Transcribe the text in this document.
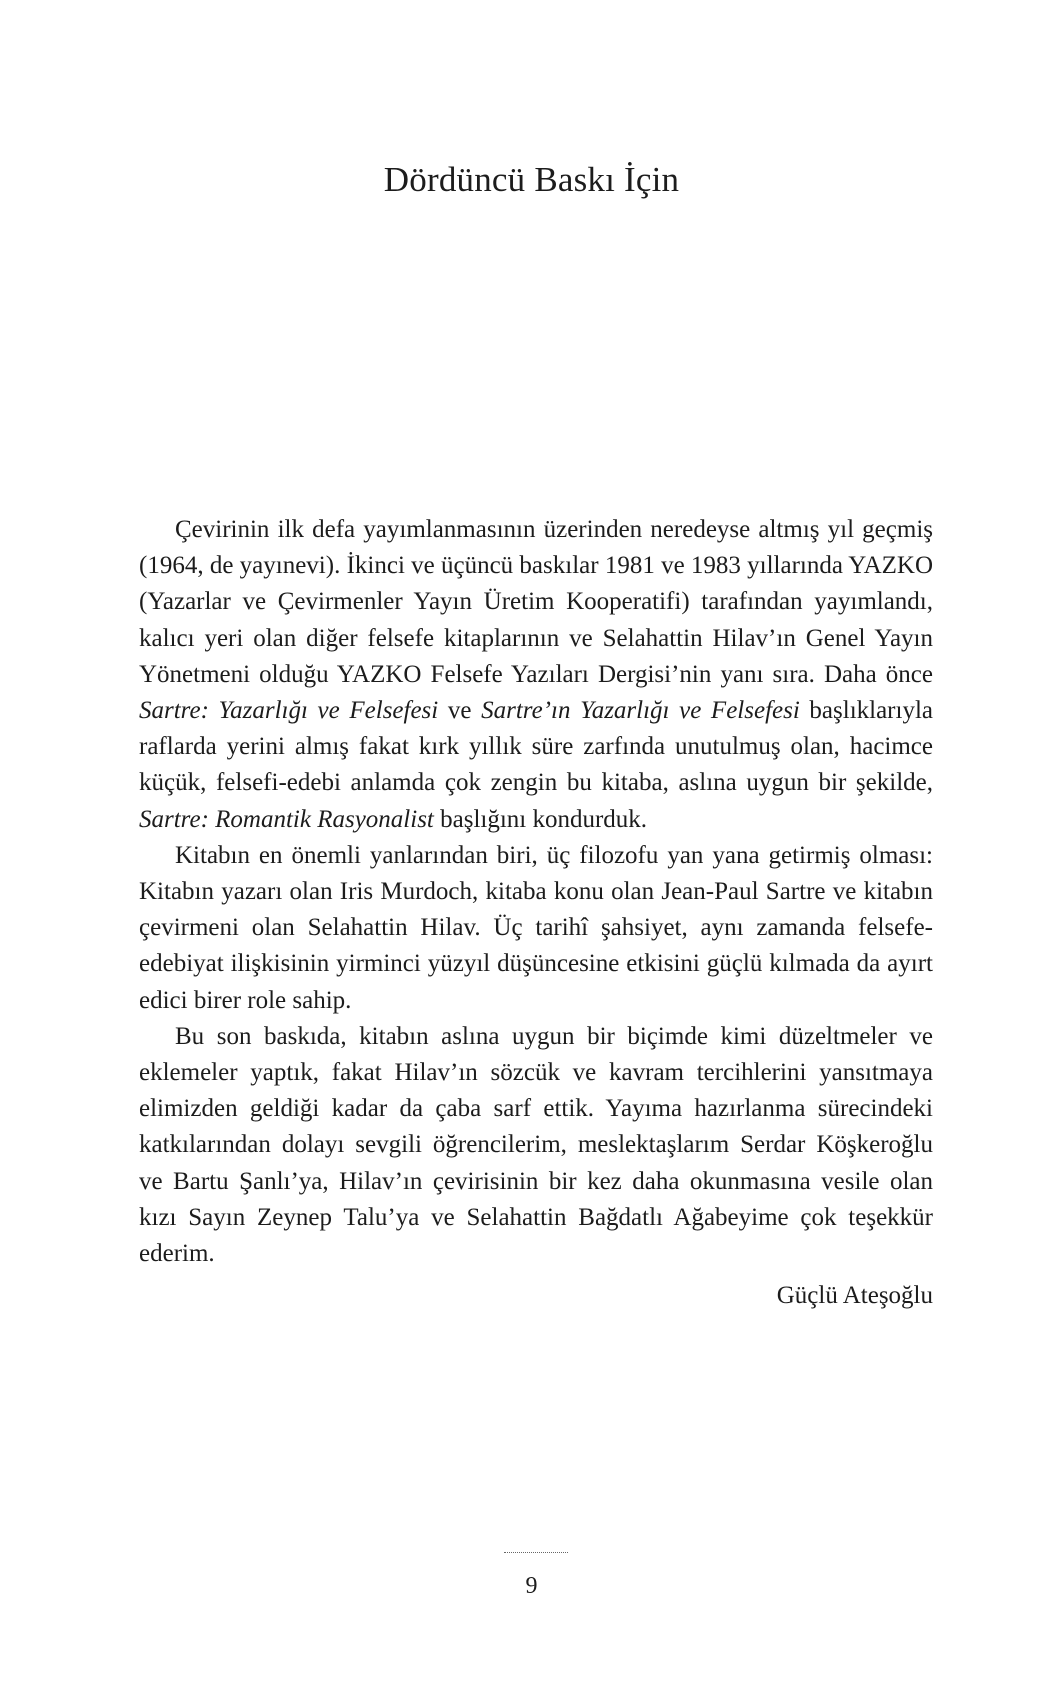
Dördüncü Baskı İçin

Çevirinin ilk defa yayımlanmasının üzerinden neredeyse altmış yıl geçmiş (1964, de yayınevi). İkinci ve üçüncü baskılar 1981 ve 1983 yıllarında YAZKO (Yazarlar ve Çevirmenler Yayın Üretim Kooperatifi) tarafından yayımlandı, kalıcı yeri olan diğer felsefe kitaplarının ve Selahattin Hilav’ın Genel Yayın Yönetmeni olduğu YAZKO Felsefe Yazıları Dergisi’nin yanı sıra. Daha önce Sartre: Yazarlığı ve Felsefesi ve Sartre’ın Yazarlığı ve Felsefesi başlıklarıyla raflarda yerini almış fakat kırk yıllık süre zarfında unutulmuş olan, hacimce küçük, felsefi-edebi anlamda çok zengin bu kitaba, aslına uygun bir şekilde, Sartre: Romantik Rasyonalist başlığını kondurduk.

Kitabın en önemli yanlarından biri, üç filozofu yan yana getirmiş olması: Kitabın yazarı olan Iris Murdoch, kitaba konu olan Jean-Paul Sartre ve kitabın çevirmeni olan Selahattin Hilav. Üç tarihî şahsiyet, aynı zamanda felsefe-edebiyat ilişkisinin yirminci yüzyıl düşüncesine etkisini güçlü kılmada da ayırt edici birer role sahip.

Bu son baskıda, kitabın aslına uygun bir biçimde kimi düzeltmeler ve eklemeler yaptık, fakat Hilav’ın sözcük ve kavram tercihlerini yansıtmaya elimizden geldiği kadar da çaba sarf ettik. Yayıma hazırlanma sürecindeki katkılarından dolayı sevgili öğrencilerim, meslektaşlarım Serdar Köşkeroğlu ve Bartu Şanlı’ya, Hilav’ın çevirisinin bir kez daha okunmasına vesile olan kızı Sayın Zeynep Talu’ya ve Selahattin Bağdatlı Ağabeyime çok teşekkür ederim.

Güçlü Ateşoğlu

9
